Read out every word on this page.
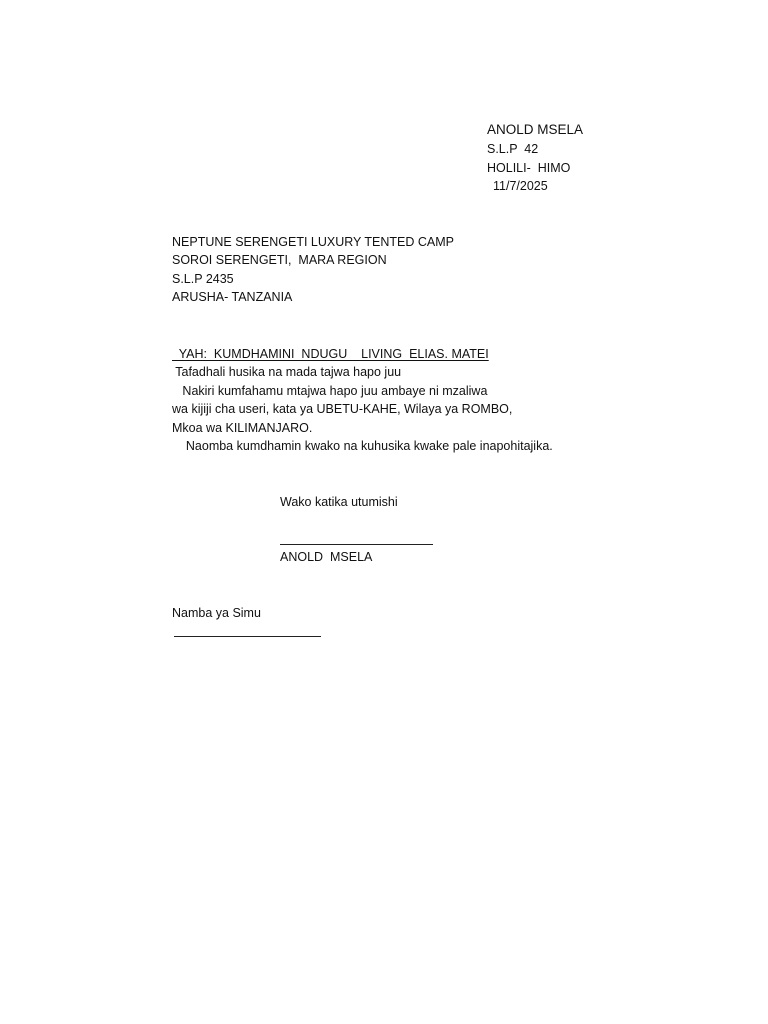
ANOLD MSELA
S.L.P  42
HOLILI-  HIMO
11/7/2025
NEPTUNE SERENGETI LUXURY TENTED CAMP
SOROI SERENGETI,  MARA REGION
S.L.P 2435
ARUSHA- TANZANIA
YAH:  KUMDHAMINI  NDUGU    LIVING  ELIAS. MATEI
Tafadhali husika na mada tajwa hapo juu
Nakiri kumfahamu mtajwa hapo juu ambaye ni mzaliwa
wa kijiji cha useri, kata ya UBETU-KAHE, Wilaya ya ROMBO,
Mkoa wa KILIMANJARO.
Naomba kumdhamin kwako na kuhusika kwake pale inapohitajika.
Wako katika utumishi
ANOLD  MSELA
Namba ya Simu
